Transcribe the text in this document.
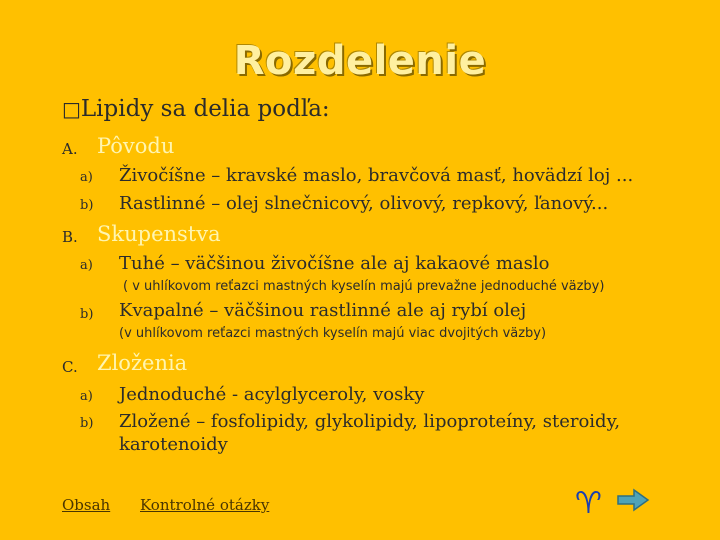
Rozdelenie
□Lipidy sa delia podľa:
A. Pôvodu
a) Živočíšne – kravské maslo, bravčová masť, hovädzí loj ...
b) Rastlinné – olej slnečnicový, olivový, repkový, ľanový...
B. Skupenstva
a) Tuhé – väčšinou živočíšne ale aj kakaové maslo
( v uhlíkovom reťazci mastných kyselín majú prevažne jednoduché väzby)
b) Kvapalné – väčšinou rastlinné ale aj rybí olej
(v uhlíkovom reťazci mastných kyselín majú viac dvojitých väzby)
C. Zloženia
a) Jednoduché - acylglyceroly, vosky
b) Zložené – fosfolipidy, glykolipidy, lipoproteíny, steroidy,
karotenoidy
Obsah Kontrolné otázky	♈
